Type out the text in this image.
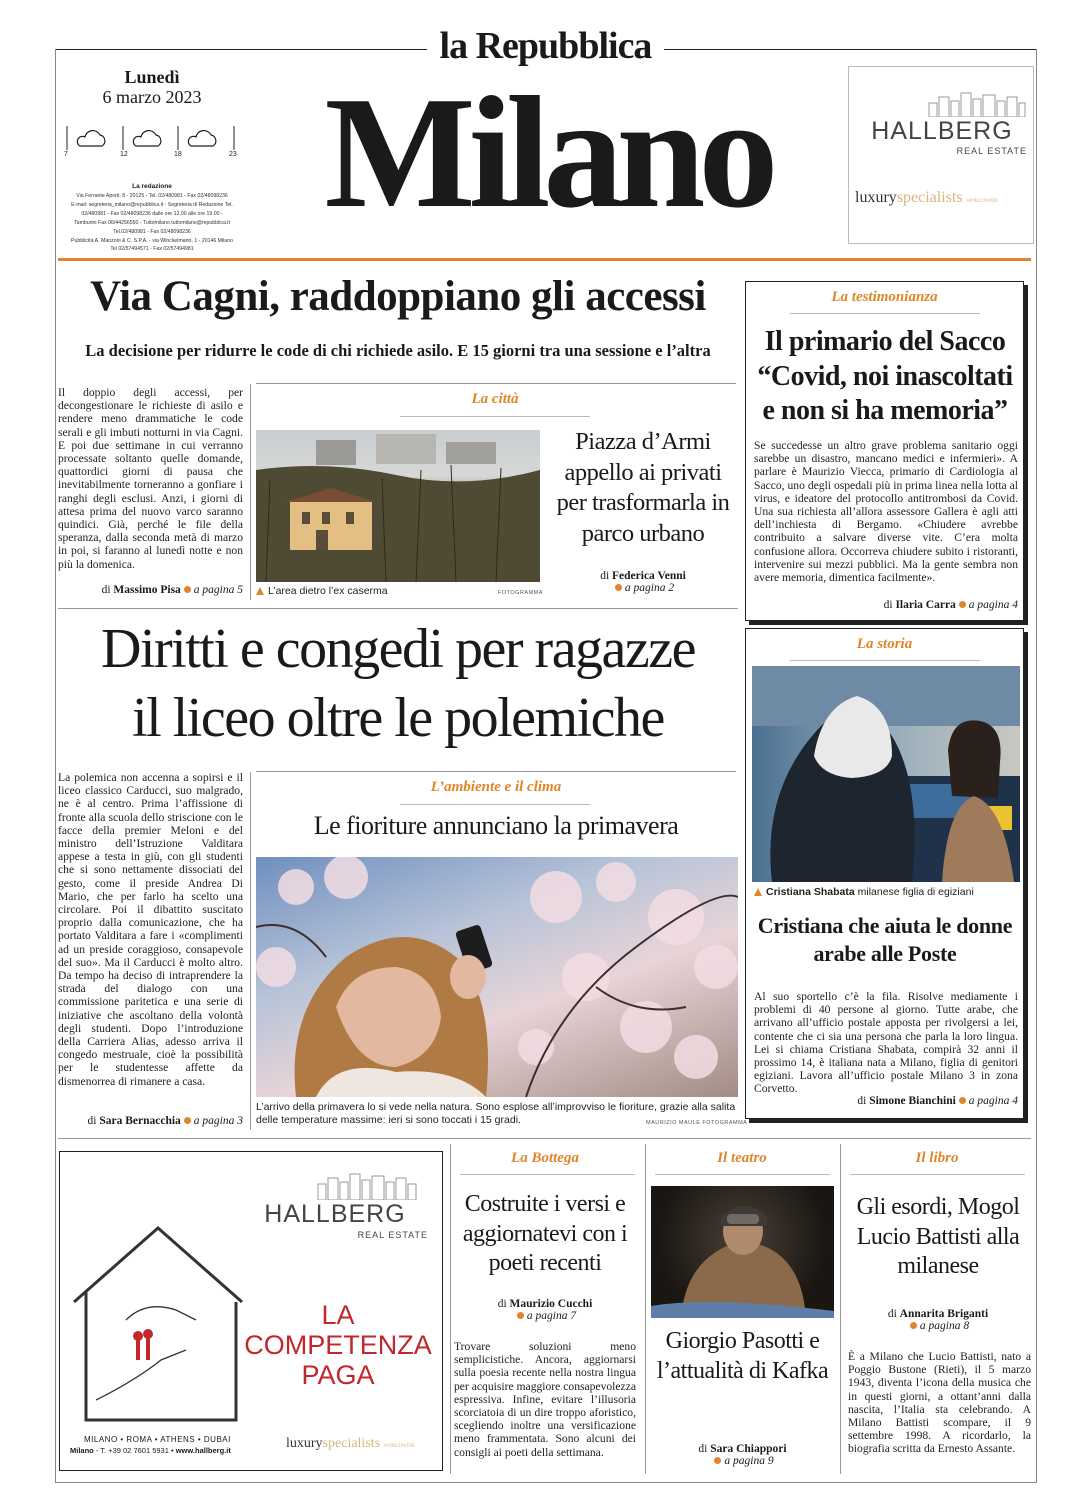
la Repubblica
Lunedì
6 marzo 2023
7	12	18	23
La redazione
Via Ferrante Aporti, 8 - 20125 - Tel. 02/480981 - Fax 02/48098236
E-mail: segreteria_milano@repubblica.it - Segreteria di Redazione Tel.
02/480981 - Fax 02/48098236 dalle ore 12.00 alle ore 19.00 -
Tamburini Fax 06/44256550 - Tuttomilano tuttomilano@repubblica.it
Tel.02/480981 - Fax 02/48098236
Pubblicità A. Manzoni & C. S.P.A. - via Winckelmann, 1 - 20146 Milano
Tel 02/57494571 - Fax 02/57494981
Milano	HALLBERG
REAL ESTATE
luxuryspecialists WORLDWIDE
Via Cagni, raddoppiano gli accessi
La decisione per ridurre le code di chi richiede asilo. E 15 giorni tra una sessione e l’altra
Il doppio degli accessi, per decongestionare le richieste di asilo e rendere meno drammatiche le code serali e gli imbuti notturni in via Cagni. E poi due settimane in cui verranno processate soltanto quelle domande, quattordici giorni di pausa che inevitabilmente torneranno a gonfiare i ranghi degli esclusi. Anzi, i giorni di attesa prima del nuovo varco saranno quindici. Già, perché le file della speranza, dalla seconda metà di marzo in poi, si faranno al lunedì notte e non più la domenica.
di Massimo Pisa a pagina 5
La città
L’area dietro l’ex caserma	FOTOGRAMMA
Piazza d’Armi appello ai privati per trasformarla in parco urbano
di Federica Venni
a pagina 2
La testimonianza
Il primario del Sacco “Covid, noi inascoltati e non si ha memoria”
Se succedesse un altro grave problema sanitario oggi sarebbe un disastro, mancano medici e infermieri». A parlare è Maurizio Viecca, primario di Cardiologia al Sacco, uno degli ospedali più in prima linea nella lotta al virus, e ideatore del protocollo antitrombosi da Covid. Una sua richiesta all’allora assessore Gallera è agli atti dell’inchiesta di Bergamo. «Chiudere avrebbe contribuito a salvare diverse vite. C’era molta confusione allora. Occorreva chiudere subito i ristoranti, intervenire sui mezzi pubblici. Ma la gente sembra non avere memoria, dimentica facilmente».
di Ilaria Carra a pagina 4
Diritti e congedi per ragazze
il liceo oltre le polemiche
La polemica non accenna a sopirsi e il liceo classico Carducci, suo malgrado, ne è al centro. Prima l’affissione di fronte alla scuola dello striscione con le facce della premier Meloni e del ministro dell’Istruzione Valditara appese a testa in giù, con gli studenti che si sono nettamente dissociati del gesto, come il preside Andrea Di Mario, che per farlo ha scelto una circolare. Poi il dibattito suscitato proprio dalla comunicazione, che ha portato Valditara a fare i «complimenti ad un preside coraggioso, consapevole del suo». Ma il Carducci è molto altro. Da tempo ha deciso di intraprendere la strada del dialogo con una commissione paritetica e una serie di iniziative che ascoltano della volontà degli studenti. Dopo l’introduzione della Carriera Alias, adesso arriva il congedo mestruale, cioè la possibilità per le studentesse affette da dismenorrea di rimanere a casa.
di Sara Bernacchia a pagina 3
L’ambiente e il clima
Le fioriture annunciano la primavera
L’arrivo della primavera lo si vede nella natura. Sono esplose all’improvviso le fioriture, grazie alla salita delle temperature massime: ieri si sono toccati i 15 gradi.	MAURIZIO MAULE FOTOGRAMMA
La storia
Cristiana Shabata milanese figlia di egiziani
Cristiana che aiuta le donne arabe alle Poste
Al suo sportello c’è la fila. Risolve mediamente i problemi di 40 persone al giorno. Tutte arabe, che arrivano all’ufficio postale apposta per rivolgersi a lei, contente che ci sia una persona che parla la loro lingua. Lei si chiama Cristiana Shabata, compirà 32 anni il prossimo 14, è italiana nata a Milano, figlia di genitori egiziani. Lavora all’ufficio postale Milano 3 in zona Corvetto.
di Simone Bianchini a pagina 4
HALLBERG
REAL ESTATE
LA
COMPETENZA
PAGA
MILANO • ROMA • ATHENS • DUBAI
Milano - T. +39 02 7601 5931 • www.hallberg.it	luxuryspecialists WORLDWIDE
La Bottega
Costruite i versi e aggiornatevi con i poeti recenti
di Maurizio Cucchi
a pagina 7
Trovare soluzioni meno semplicistiche. Ancora, aggiornarsi sulla poesia recente nella nostra lingua per acquisire maggiore consapevolezza espressiva. Infine, evitare l’illusoria scorciatoia di un dire troppo aforistico, scegliendo inoltre una versificazione meno frammentata. Sono alcuni dei consigli ai poeti della settimana.
Il teatro
Giorgio Pasotti e l’attualità di Kafka
di Sara Chiappori
a pagina 9
Il libro
Gli esordi, Mogol Lucio Battisti alla milanese
di Annarita Briganti
a pagina 8
È a Milano che Lucio Battisti, nato a Poggio Bustone (Rieti), il 5 marzo 1943, diventa l’icona della musica che in questi giorni, a ottant’anni dalla nascita, l’Italia sta celebrando. A Milano Battisti scompare, il 9 settembre 1998. A ricordarlo, la biografia scritta da Ernesto Assante.
